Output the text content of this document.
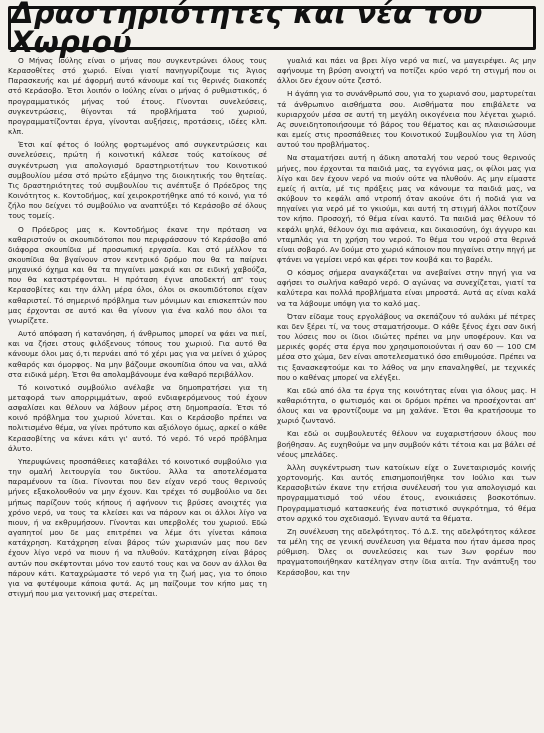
Δραστηριότητες και νέα του Χωριού

Ο Μήνας Ιούλης είναι ο μήνας που συγκεντρώνει όλους τους Κερασοθίτες στό χωριό. Είναι γιατί πανηγυρίζουμε τις Άγιος Παρασκευής και μέ άφορμή αυτό κάνουμε καί τις θερινές διακοπές στό Κεράσοβο. Έτσι λοιπόν ο Ιούλης είναι ο μήνας ό ρυθμιστικός, ό προγραμματικός μήνας τού έτους. Γίνονται συνελεύσεις, συγκεντρώσεις, θίγονται τά προβλήματα τού χωριού, προγραμματίζονται έργα, γίνονται αυξήσεις, προτάσεις, ιδέες κλπ. κλπ.

Έτσι καί φέτος ό Ιούλης φορτωμένος από συγκεντρώσεις και συνελεύσεις, πρώτη ή κοινοτική κάλεσε τούς κατοίκους σέ συγκέντρωση για απολογισμό δραστηριοτήτων του Κοινοτικού συμβουλίου μέσα στό πρώτο εξάμηνο της διοικητικής του θητείας. Τις δραστηριότητες τού συμβουλίου τις ανέπτυξε ό Πρόεδρος της Κοινότητος κ. Κοντοδήμος, καί χειροκροτήθηκε από τό κοινό, για τό ζήλο που δείχνει τό συμβούλιο να αναπτύξει τό Κεράσοβο σέ όλους τους τομείς.

Ο Πρόεδρος μας κ. Κοντοδήμος έκανε την πρόταση να καθαριστούν οι σκουπιδότοποι που περιφράσσουν τό Κεράσοβο από διάφορα σκουπίδια μέ προσωπική εργασία. Και στό μέλλον τα σκουπίδια θα βγαίνουν στον κεντρικό δρόμο που θα τα παίρνει μηχανικό όχημα και θα τα πηγαίνει μακριά και σε ειδική χαβούζα, που θα καταστρέφονται. Η πρόταση έγινε αποδεκτή απ' τους Κερασοβίτες και την άλλη μέρα όλοι, όλοι οι σκουπιδότοποι είχαν καθαριστεί. Τό σημερινό πρόβλημα των μόνιμων και επισκεπτών που μας έρχονται σε αυτό και θα γίνουν για ένα καλό που όλοι τα γνωρίζετε.

Αυτό απόφαση ή κατανόηση, ή άνθρωπος μπορεί να φάει να πιεί, και να ζήσει στους φιλόξενους τόπους του χωριού. Για αυτό θα κάνουμε όλοι μας ό,τι περνάει από τό χέρι μας για να μείνει ό χώρος καθαρός και όμορφος. Να μην βάζουμε σκουπίδια όπου να ναι, αλλά στα ειδικά μέρη. Έτσι θα απολαμβάνουμε ένα καθαρό περιβάλλον.

Τό κοινοτικό συμβούλιο ανέλαβε να δημοπρατήσει για τη μεταφορά των απορριμμάτων, αφού ενδιαφερόμενους τού έχουν ασφαλίσει και θέλουν να λάβουν μέρος στη δημοπρασία. Έτσι τό κοινό πρόβλημα του χωριού λύνεται. Και ο Κεράσοβο πρέπει να πολιτισμένο θέμα, να γίνει πρότυπο και αξιόλογο όμως, αρκεί ο κάθε Κερασοβίτης να κάνει κάτι γι' αυτό. Τό νερό. Τό νερό πρόβλημα άλυτο.

Υπερυψώνεις προσπάθειες καταβάλει τό κοινοτικό συμβούλιο για την ομαλή λειτουργία του δικτύου. Άλλα τα αποτελέσματα παραμένουν τα ίδια. Γίνονται που δεν είχαν νερό τους θερινούς μήνες εξακολουθούν να μην έχουν. Και τρέχει τό συμβούλιο να δει μήπως παρίζουν τούς κήπους ή αφήνουν τις βρύσες ανοιχτές για χρόνο νερό, να τους τα κλείσει και να πάρουν και οι άλλοι λίγο να πιουν, ή να εκθρυμήσουν. Γίνονται και υπερβολές του χωριού. Εδώ αγαπητοί μου δε μας επιτρέπει να λέμε ότι γίνεται κάποια κατάχρηση. Κατάχρηση είναι βάρος τών χωριανών μας που δεν έχουν λίγο νερό να πιουν ή να πλυθούν. Κατάχρηση είναι βάρος αυτών που σκέφτονται μόνο τον εαυτό τους και να δουν αν άλλοι θα πάρουν κάτι. Καταχρώμαστε τό νερό για τη ζωή μας, για το όποιο για να φυτέψουμε κάποια φυτά. Ας μη παίζουμε τον κήπο μας τη στιγμή που μια γειτονική μας στερείται.

γυαλιά και πάει να βρει λίγο νερό να πιεί, να μαγειρέψει. Ας μην αφήνουμε τη βρύση ανοιχτή να ποτίζει κρύο νερό τη στιγμή που οι άλλοι δεν έχουν ούτε ζεστό.

Η άγάπη για το συνάνθρωπό σου, για το χωριανό σου, μαρτυρείται τά άνθρωπινο αισθήματα σου. Αισθήματα που επιβάλετε να κυριαρχούν μέσα σε αυτή τη μεγάλη οικογένεια που λέγεται χωριό. Ας συνειδητοποιήσουμε τό βάρος του θέματος και ας πλαισιώσουμε και εμείς στις προσπάθειες του Κοινοτικού Συμβουλίου για τη λύση αυτού του προβλήματος.

Να σταματήσει αυτή η άδικη αποταλή του νερού τους θερινούς μήνες, που έρχονται τα παιδιά μας, τα εγγόνια μας, οι φίλοι μας για λίγο και δεν έχουν νερό να πιούν ούτε να πλυθούν. Ας μην είμαστε εμείς ή αιτία, μέ τις πράξεις μας να κάνουμε τα παιδιά μας, να σκύβουν το κεφάλι από ντροπή όταν ακούνε ότι ή ποδιά για να πηγαίνει για νερό μέ το γκιούμι, και αυτή τη στιγμή άλλοι ποτίζουν τον κήπο. Προσοχή, τό θέμα είναι καυτό. Τα παιδιά μας θέλουν τό κεφάλι ψηλά, θέλουν όχι πια αφάνεια, και δικαιοσύνη, όχι άγγυρο και νταμπλάς για τη χρήση του νερού. Το θέμα του νερού στα θερινά είναι σοβαρό. Αν δούμε στο χωριό κάποιον που πηγαίνει στην πηγή με φτάνει να γεμίσει νερό και φέρει τον κουβά και το βαρέλι.

Ο κόσμος σήμερα αναγκάζεται να ανεβαίνει στην πηγή για να αφήσει το σωλήνα καθαρό νερό. Ο αγώνας να συνεχίζεται, γιατί τα καλύτερα και πολλά προβλήματα είναι μπροστά. Αυτά ας είναι καλά να τα λάβουμε υπόψη για το καλό μας.

Όταν είδαμε τους εργολάβους να σκεπάζουν τό αυλάκι μέ πέτρες και δεν ξέρει τί, να τους σταματήσουμε. Ο κάθε ξένος έχει σαν δική του λύσεις που οι ίδιοι ιδιώτες πρέπει να μην υποφέρουν. Και να μερικές φορές στα έργα που χρησιμοποιούνται ή σαν 60 — 100 CM μέσα στο χώμα, δεν είναι αποτελεσματικό όσο επιθυμούσε. Πρέπει να τις ξανασκεφτούμε και το λάθος να μην επαναληφθεί, με τεχνικές που ο καθένας μπορεί να ελέγξει.

Και εδώ από όλα τα έργα της κοινότητας είναι για όλους μας. Η καθαριότητα, ο φωτισμός και οι δρόμοι πρέπει να προσέχονται απ' όλους και να φροντίζουμε να μη χαλάνε. Έτσι θα κρατήσουμε το χωριό ζωντανό.

Και εδώ οι συμβουλευτές θέλουν να ευχαριστήσουν όλους που βοήθησαν. Ας ευχηθούμε να μην συμβούν κάτι τέτοια και μα βάλει σέ νέους μπελάδες.

Άλλη συγκέντρωση των κατοίκων είχε ο Συνεταιρισμός κοινής χορτονομής. Και αυτός επισημοποιήθηκε τον Ιούλιο και των Κερασοβιτών έκανε την ετήσια συνέλευσή του για απολογισμό και προγραμματισμό τού νέου έτους, ενοικιάσεις βοσκοτόπων. Προγραμματισμό κατασκευής ένα ποτιστικό συγκρότημα, τό θέμα στον αρχικό του σχεδιασμό. Έγιναν αυτά τα θέματα.

Ζη συνέλευση της αδελφότητος. Τό Δ.Σ. της αδελφότητος κάλεσε τα μέλη της σε γενική συνέλευση για θέματα που ήταν άμεσα προς ρύθμιση. Όλες οι συνελεύσεις και των 3ων φορέων που πραγματοποιήθηκαν κατέληγαν στην ίδια αιτία. Την ανάπτυξη του Κεράσοβου, και την
